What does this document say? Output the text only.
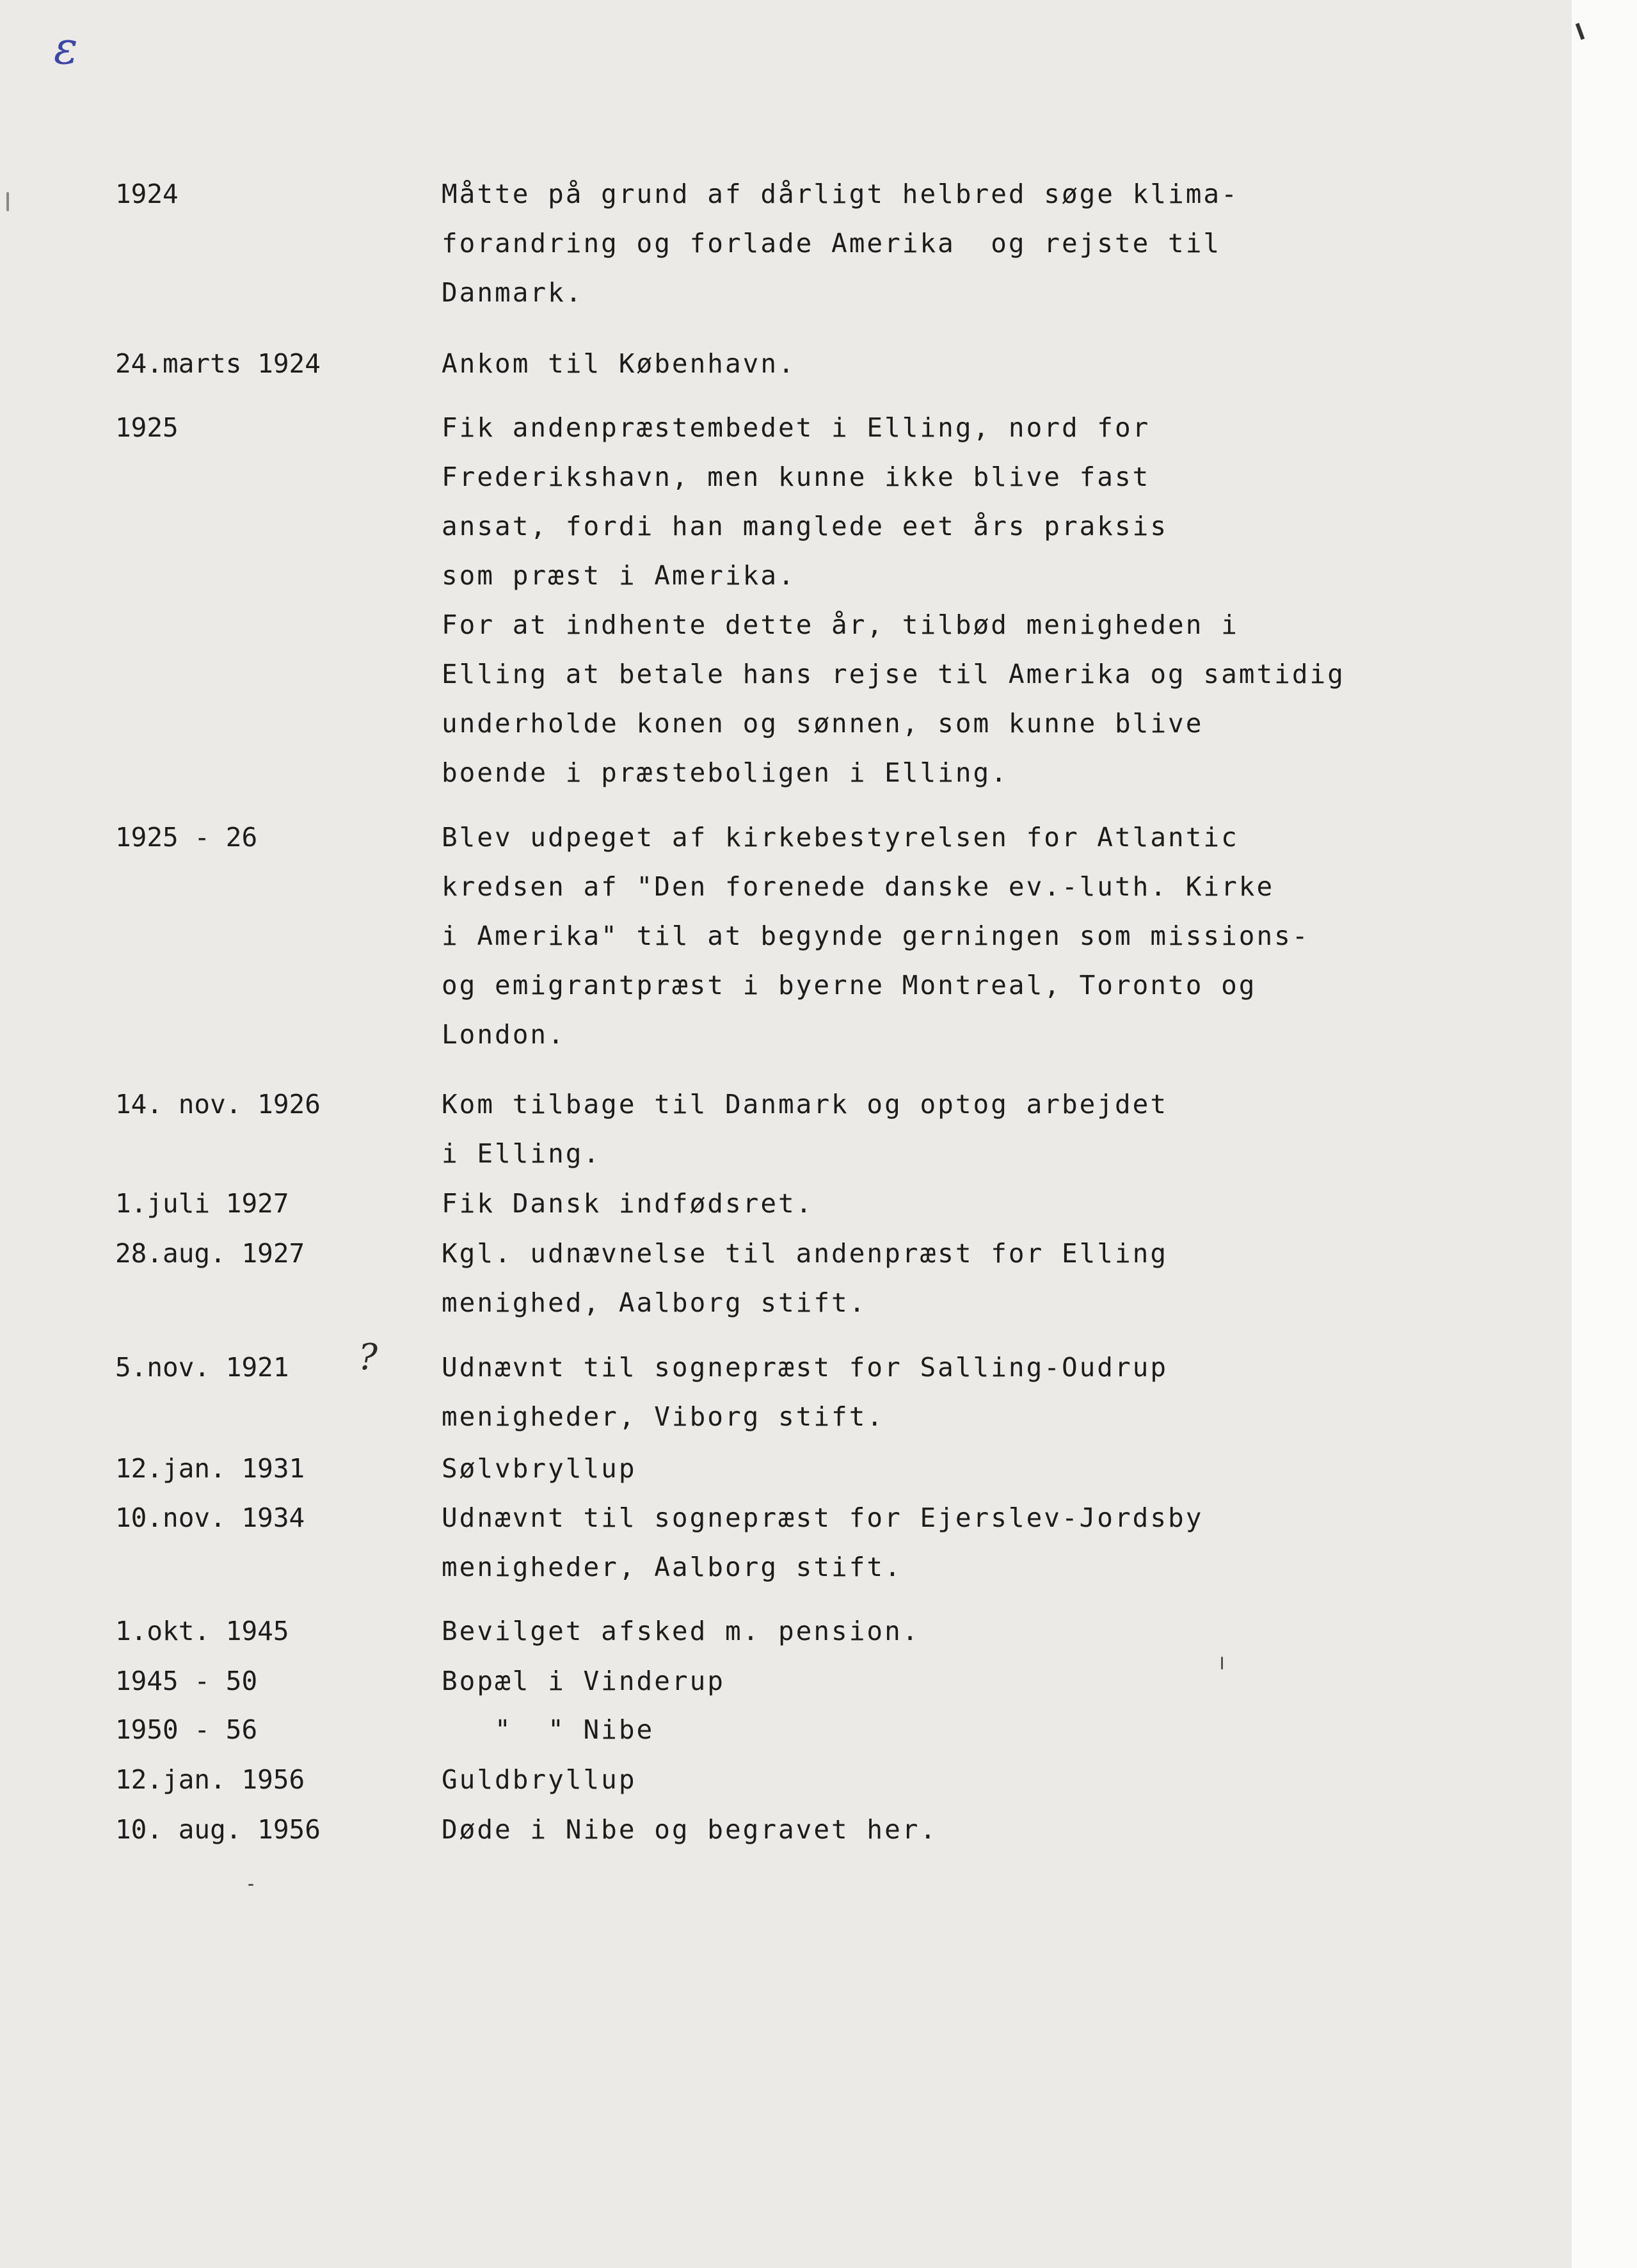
ε
1924	Måtte på grund af dårligt helbred søge klima-
forandring og forlade Amerika  og rejste til
Danmark.
24.marts 1924	Ankom til København.
1925	Fik andenpræstembedet i Elling, nord for
Frederikshavn, men kunne ikke blive fast
ansat, fordi han manglede eet års praksis
som præst i Amerika.
For at indhente dette år, tilbød menigheden i
Elling at betale hans rejse til Amerika og samtidig
underholde konen og sønnen, som kunne blive
boende i præsteboligen i Elling.
1925 - 26	Blev udpeget af kirkebestyrelsen for Atlantic
kredsen af "Den forenede danske ev.-luth. Kirke
i Amerika" til at begynde gerningen som missions-
og emigrantpræst i byerne Montreal, Toronto og
London.
14. nov. 1926	Kom tilbage til Danmark og optog arbejdet
i Elling.
1.juli 1927	Fik Dansk indfødsret.
28.aug. 1927	Kgl. udnævnelse til andenpræst for Elling
menighed, Aalborg stift.
5.nov. 1921	Udnævnt til sognepræst for Salling-Oudrup
menigheder, Viborg stift.
12.jan. 1931	Sølvbryllup
10.nov. 1934	Udnævnt til sognepræst for Ejerslev-Jordsby
menigheder, Aalborg stift.
1.okt. 1945	Bevilget afsked m. pension.
1945 - 50	Bopæl i Vinderup
1950 - 56	"  " Nibe
12.jan. 1956	Guldbryllup
10. aug. 1956	Døde i Nibe og begravet her.
?
